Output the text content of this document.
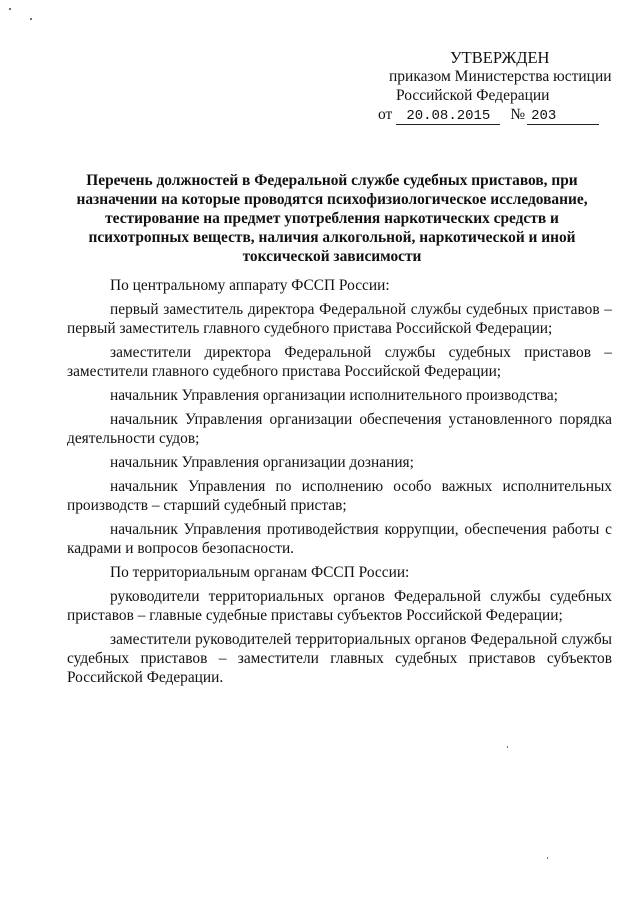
УТВЕРЖДЕН
приказом Министерства юстиции
Российской Федерации
от 20.08.2015 № 203
Перечень должностей в Федеральной службе судебных приставов, при
назначении на которые проводятся психофизиологическое исследование,
тестирование на предмет употребления наркотических средств и
психотропных веществ, наличия алкогольной, наркотической и иной
токсической зависимости

По центральному аппарату ФССП России:

первый заместитель директора Федеральной службы судебных приставов – первый заместитель главного судебного пристава Российской Федерации;

заместители директора Федеральной службы судебных приставов – заместители главного судебного пристава Российской Федерации;

начальник Управления организации исполнительного производства;

начальник Управления организации обеспечения установленного порядка деятельности судов;

начальник Управления организации дознания;

начальник Управления по исполнению особо важных исполнительных производств – старший судебный пристав;

начальник Управления противодействия коррупции, обеспечения работы с кадрами и вопросов безопасности.

По территориальным органам ФССП России:

руководители территориальных органов Федеральной службы судебных приставов – главные судебные приставы субъектов Российской Федерации;

заместители руководителей территориальных органов Федеральной службы судебных приставов – заместители главных судебных приставов субъектов Российской Федерации.
